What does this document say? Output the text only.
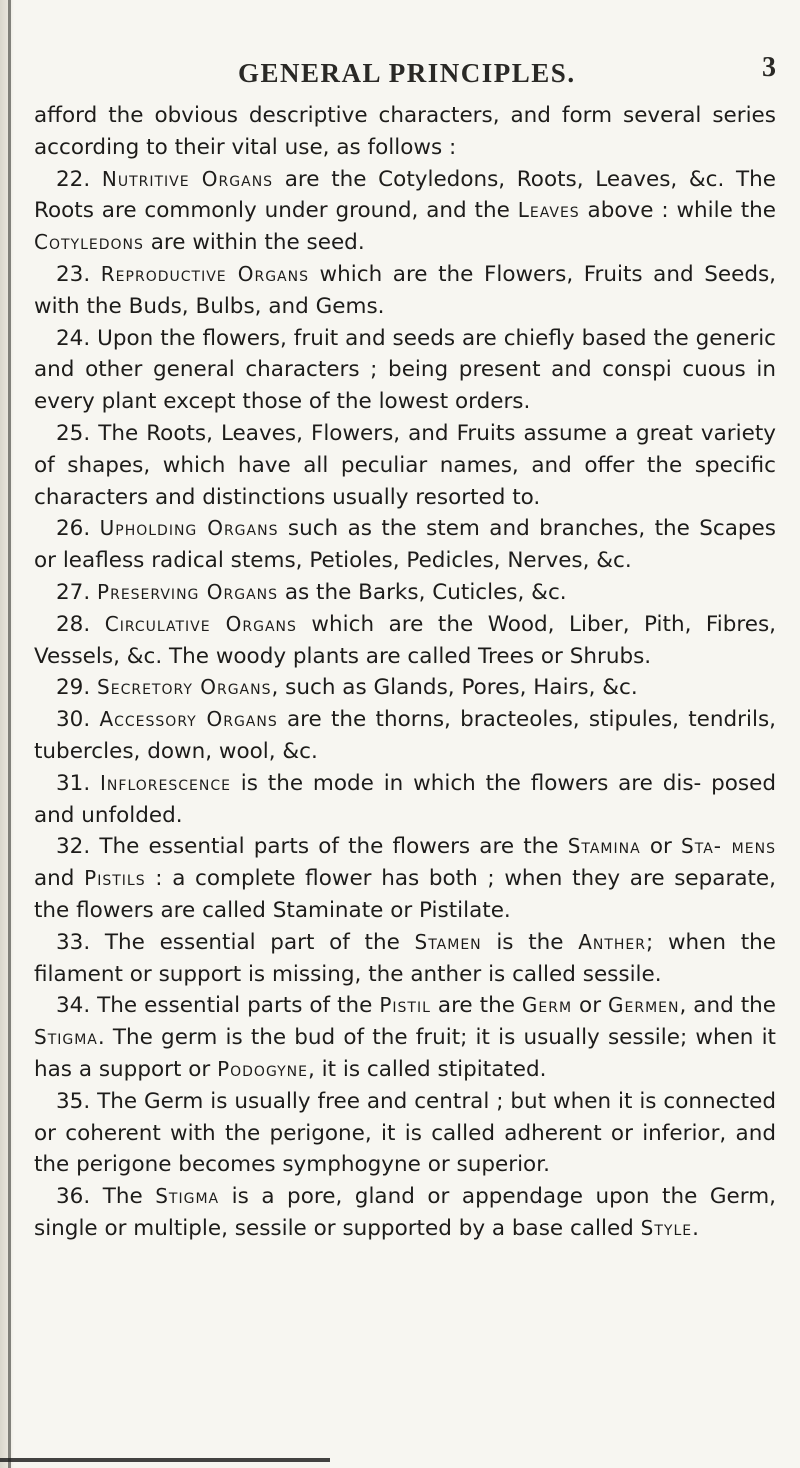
GENERAL PRINCIPLES.	3

afford the obvious descriptive characters, and form several series according to their vital use, as follows :

22. Nutritive Organs are the Cotyledons, Roots, Leaves, &c. The Roots are commonly under ground, and the Leaves above : while the Cotyledons are within the seed.

23. Reproductive Organs which are the Flowers, Fruits and Seeds, with the Buds, Bulbs, and Gems.

24. Upon the flowers, fruit and seeds are chiefly based the generic and other general characters ; being present and conspi cuous in every plant except those of the lowest orders.

25. The Roots, Leaves, Flowers, and Fruits assume a great variety of shapes, which have all peculiar names, and offer the specific characters and distinctions usually resorted to.

26. Upholding Organs such as the stem and branches, the Scapes or leafless radical stems, Petioles, Pedicles, Nerves, &c.

27. Preserving Organs as the Barks, Cuticles, &c.

28. Circulative Organs which are the Wood, Liber, Pith, Fibres, Vessels, &c. The woody plants are called Trees or Shrubs.

29. Secretory Organs, such as Glands, Pores, Hairs, &c.

30. Accessory Organs are the thorns, bracteoles, stipules, tendrils, tubercles, down, wool, &c.

31. Inflorescence is the mode in which the flowers are dis- posed and unfolded.

32. The essential parts of the flowers are the Stamina or Sta- mens and Pistils : a complete flower has both ; when they are separate, the flowers are called Staminate or Pistilate.

33. The essential part of the Stamen is the Anther; when the filament or support is missing, the anther is called sessile.

34. The essential parts of the Pistil are the Germ or Germen, and the Stigma. The germ is the bud of the fruit; it is usually sessile; when it has a support or Podogyne, it is called stipitated.

35. The Germ is usually free and central ; but when it is connected or coherent with the perigone, it is called adherent or inferior, and the perigone becomes symphogyne or superior.

36. The Stigma is a pore, gland or appendage upon the Germ, single or multiple, sessile or supported by a base called Style.
